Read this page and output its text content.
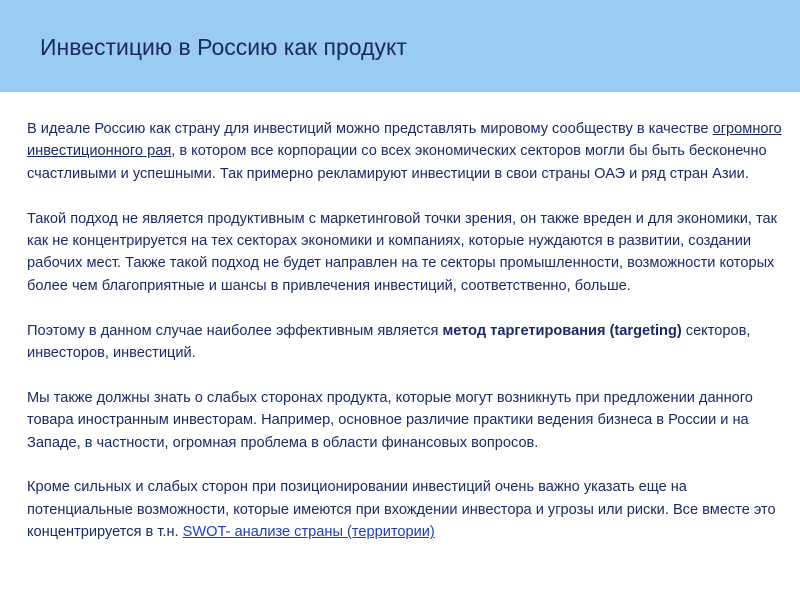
Инвестицию в Россию как продукт

В идеале Россию как страну для инвестиций можно представлять мировому сообществу в качестве огромного инвестиционного рая, в котором все корпорации со всех экономических секторов могли бы быть бесконечно счастливыми и успешными. Так примерно рекламируют инвестиции в свои страны ОАЭ и ряд стран Азии.

Такой подход не является продуктивным с маркетинговой точки зрения, он также вреден и для экономики, так как не концентрируется на тех секторах экономики и компаниях, которые нуждаются в развитии, создании рабочих мест. Также такой подход не будет направлен на те секторы промышленности, возможности которых более чем благоприятные и шансы в привлечения инвестиций, соответственно, больше.

Поэтому в данном случае наиболее эффективным является метод таргетирования (targeting) секторов, инвесторов, инвестиций.

Мы также должны знать о слабых сторонах продукта, которые могут возникнуть при предложении данного товара иностранным инвесторам. Например, основное различие практики ведения бизнеса в России и на Западе, в частности, огромная проблема в области финансовых вопросов.

Кроме сильных и слабых сторон при позиционировании инвестиций очень важно указать еще на потенциальные возможности, которые имеются при вхождении инвестора и угрозы или риски. Все вместе это концентрируется в т.н. SWOT- анализе страны (территории)
